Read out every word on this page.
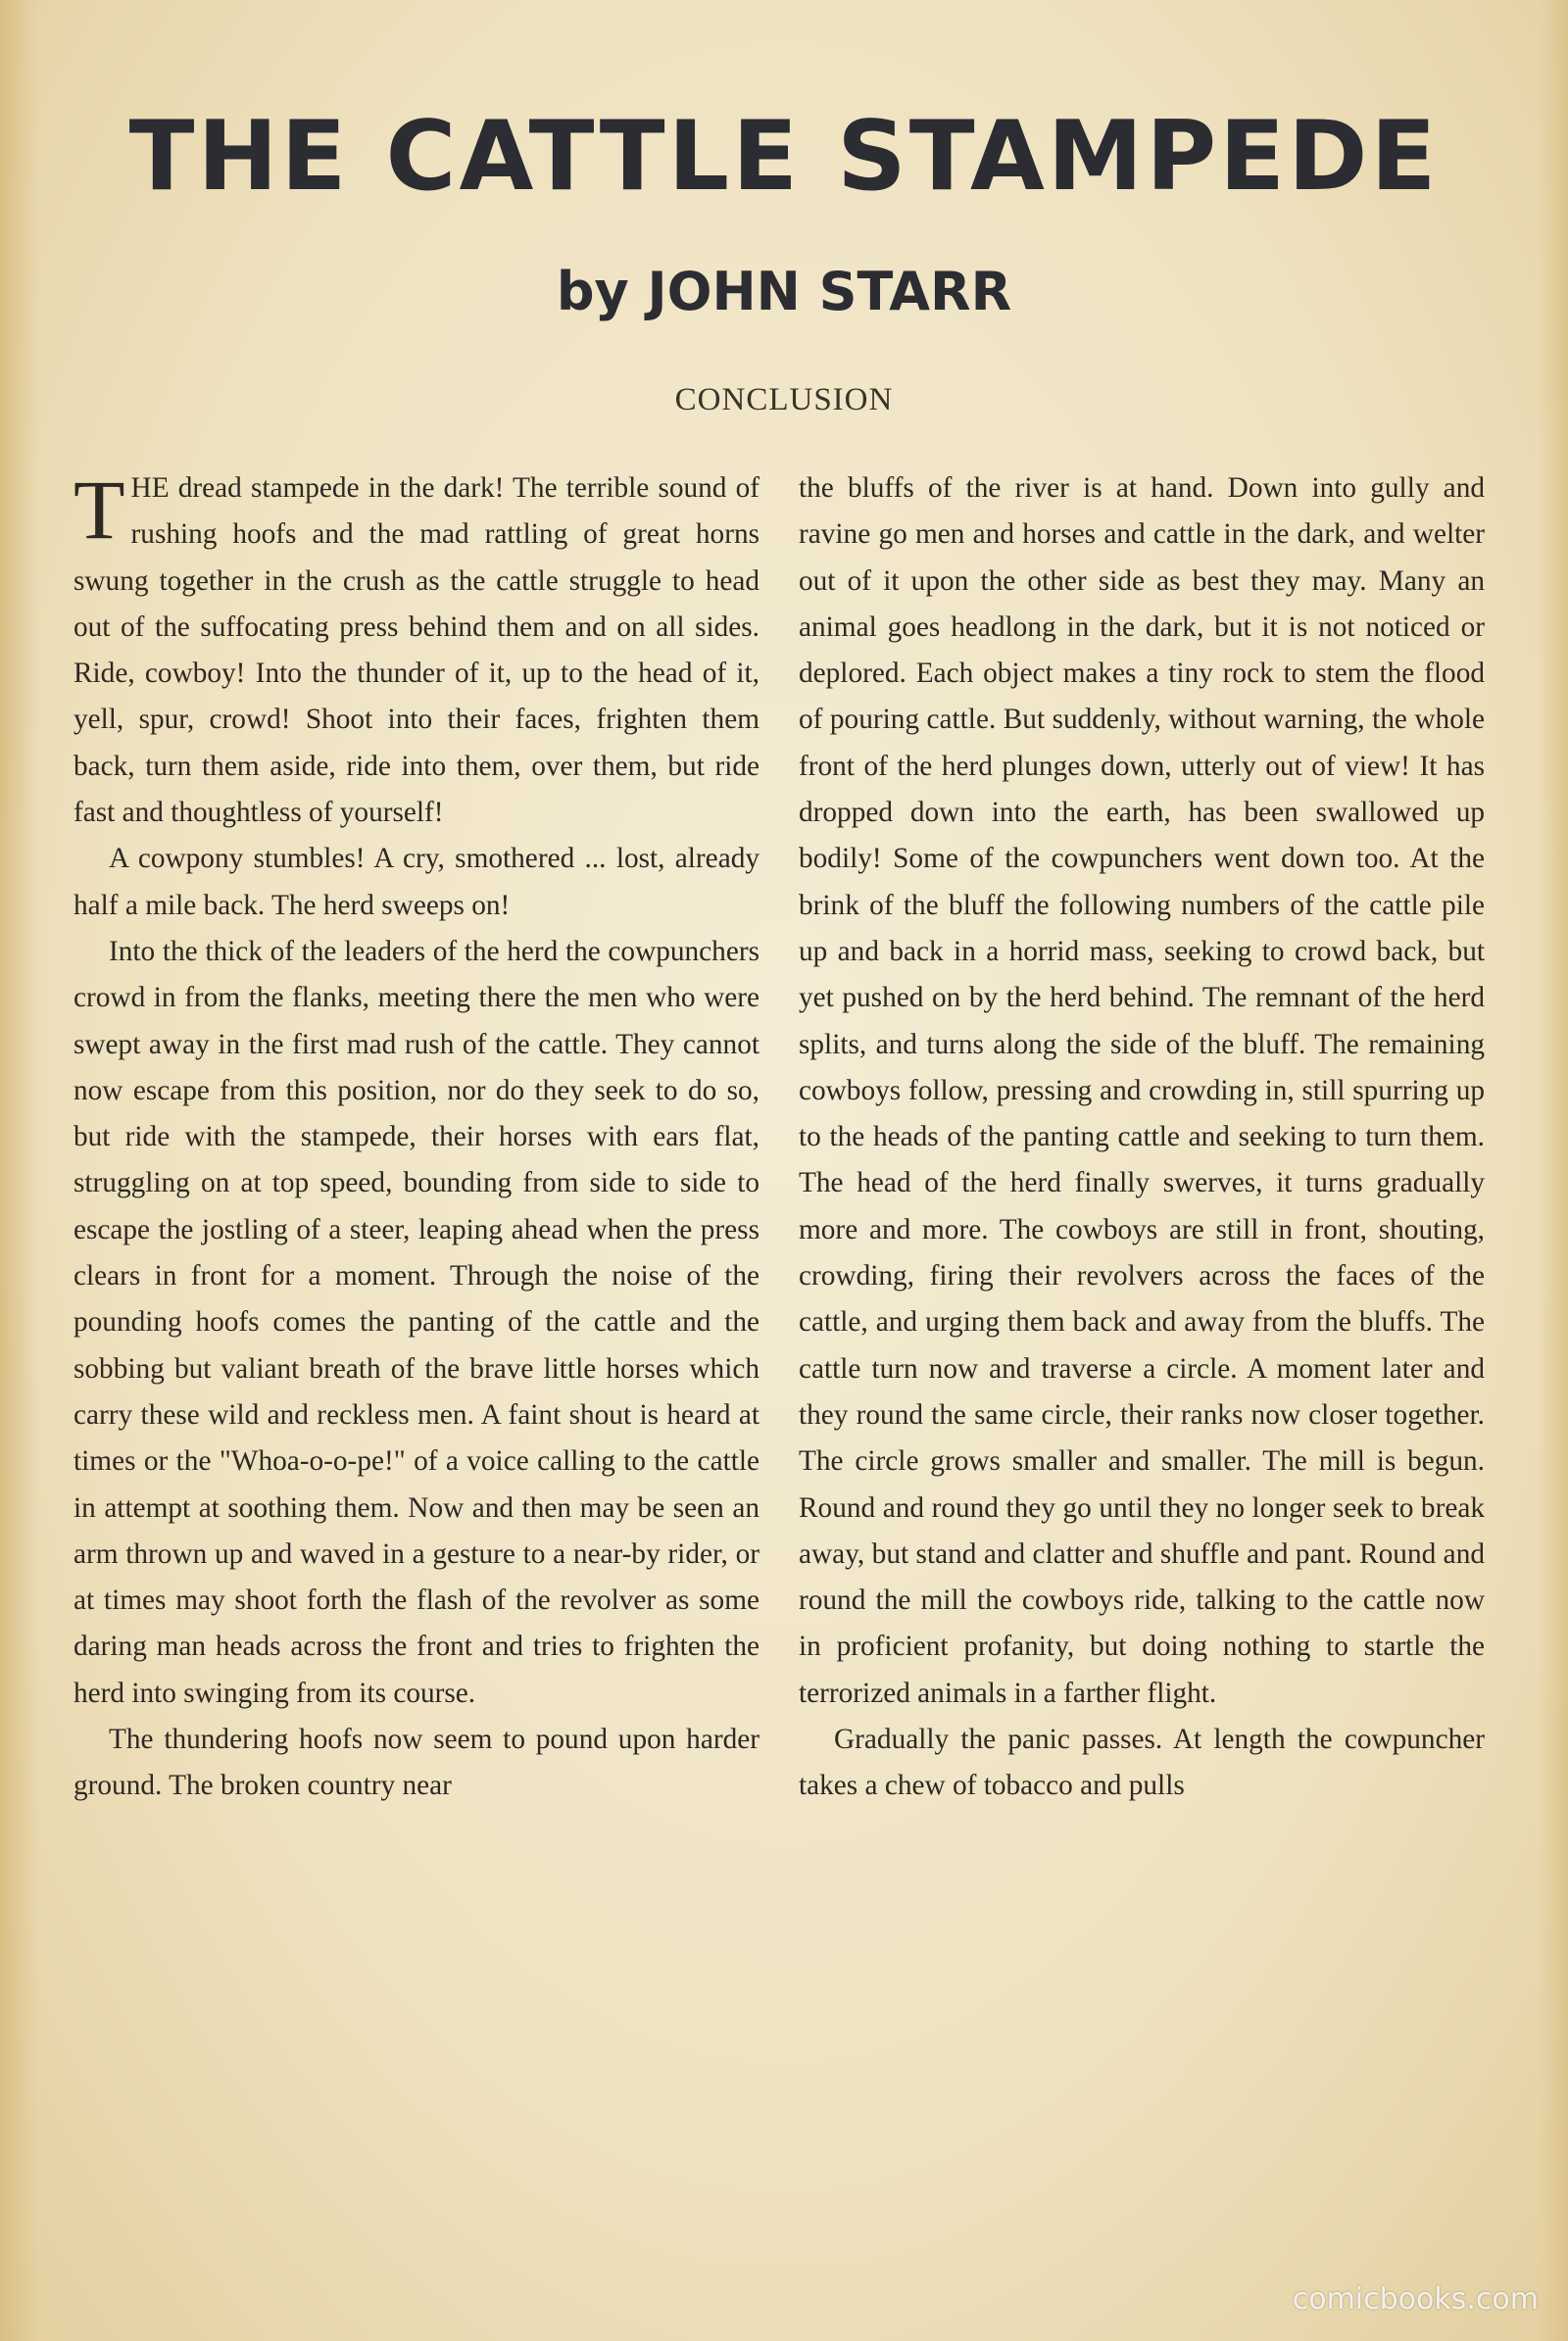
THE CATTLE STAMPEDE
by JOHN STARR
CONCLUSION

THE dread stampede in the dark! The terrible sound of rushing hoofs and the mad rattling of great horns swung together in the crush as the cattle struggle to head out of the suffocating press behind them and on all sides. Ride, cowboy! Into the thunder of it, up to the head of it, yell, spur, crowd! Shoot into their faces, frighten them back, turn them aside, ride into them, over them, but ride fast and thoughtless of yourself!

A cowpony stumbles! A cry, smothered ... lost, already half a mile back. The herd sweeps on!

Into the thick of the leaders of the herd the cowpunchers crowd in from the flanks, meeting there the men who were swept away in the first mad rush of the cattle. They cannot now escape from this position, nor do they seek to do so, but ride with the stampede, their horses with ears flat, struggling on at top speed, bounding from side to side to escape the jostling of a steer, leaping ahead when the press clears in front for a moment. Through the noise of the pounding hoofs comes the panting of the cattle and the sobbing but valiant breath of the brave little horses which carry these wild and reckless men. A faint shout is heard at times or the "Whoa-o-o-pe!" of a voice calling to the cattle in attempt at soothing them. Now and then may be seen an arm thrown up and waved in a gesture to a near-by rider, or at times may shoot forth the flash of the revolver as some daring man heads across the front and tries to frighten the herd into swinging from its course.

The thundering hoofs now seem to pound upon harder ground. The broken country near

the bluffs of the river is at hand. Down into gully and ravine go men and horses and cattle in the dark, and welter out of it upon the other side as best they may. Many an animal goes headlong in the dark, but it is not noticed or deplored. Each object makes a tiny rock to stem the flood of pouring cattle. But suddenly, without warning, the whole front of the herd plunges down, utterly out of view! It has dropped down into the earth, has been swallowed up bodily! Some of the cowpunchers went down too. At the brink of the bluff the following numbers of the cattle pile up and back in a horrid mass, seeking to crowd back, but yet pushed on by the herd behind. The remnant of the herd splits, and turns along the side of the bluff. The remaining cowboys follow, pressing and crowding in, still spurring up to the heads of the panting cattle and seeking to turn them. The head of the herd finally swerves, it turns gradually more and more. The cowboys are still in front, shouting, crowding, firing their revolvers across the faces of the cattle, and urging them back and away from the bluffs. The cattle turn now and traverse a circle. A moment later and they round the same circle, their ranks now closer together. The circle grows smaller and smaller. The mill is begun. Round and round they go until they no longer seek to break away, but stand and clatter and shuffle and pant. Round and round the mill the cowboys ride, talking to the cattle now in proficient profanity, but doing nothing to startle the terrorized animals in a farther flight.

Gradually the panic passes. At length the cowpuncher takes a chew of tobacco and pulls

comicbooks.com
